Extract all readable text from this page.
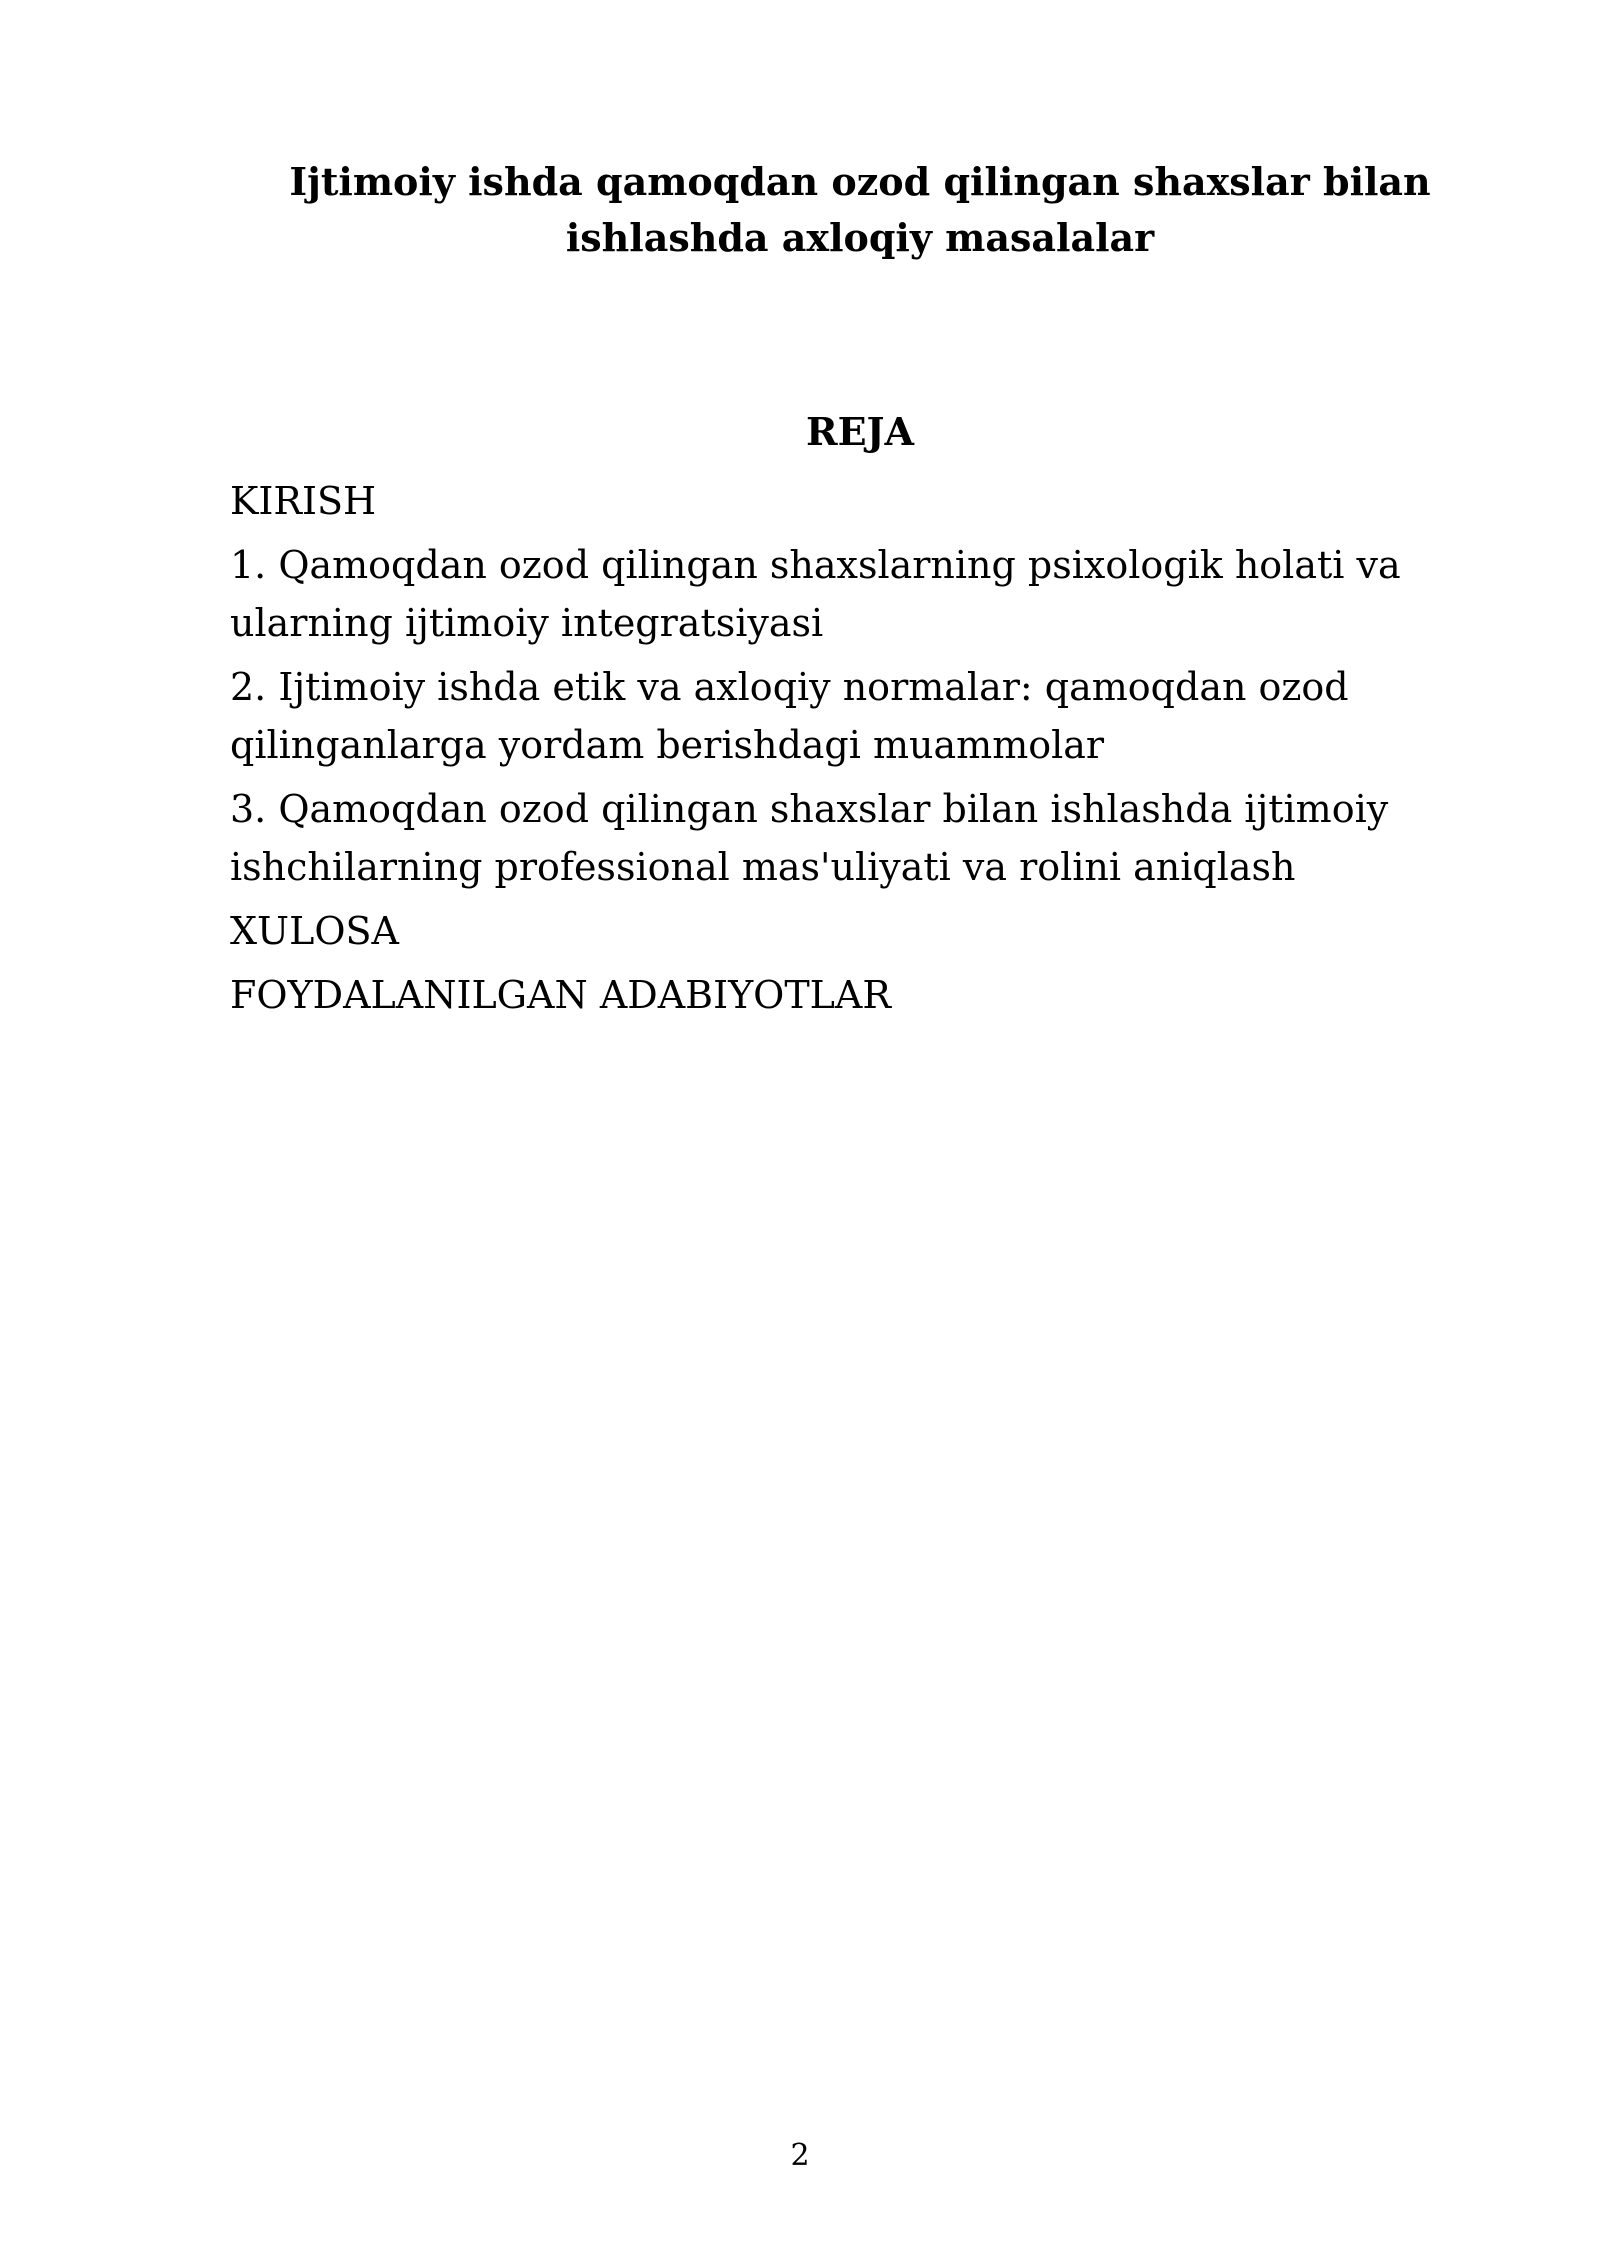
Ijtimoiy ishda qamoqdan ozod qilingan shaxslar bilan
ishlashda axloqiy masalalar
REJA
KIRISH
1. Qamoqdan ozod qilingan shaxslarning psixologik holati va ularning ijtimoiy integratsiyasi
2. Ijtimoiy ishda etik va axloqiy normalar: qamoqdan ozod qilinganlarga yordam berishdagi muammolar
3. Qamoqdan ozod qilingan shaxslar bilan ishlashda ijtimoiy ishchilarning professional mas'uliyati va rolini aniqlash
XULOSA
FOYDALANILGAN ADABIYOTLAR
2
